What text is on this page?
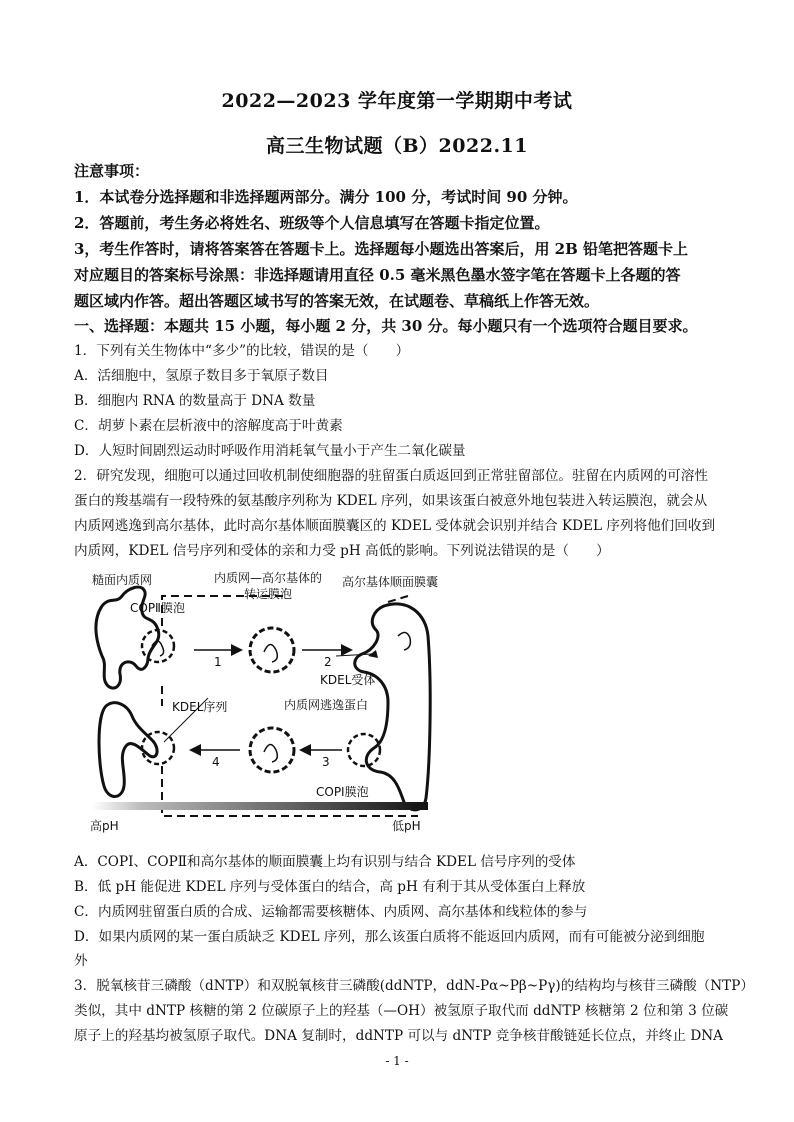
2022—2023 学年度第一学期期中考试
高三生物试题（B）2022.11
注意事项：
1．本试卷分选择题和非选择题两部分。满分 100 分，考试时间 90 分钟。
2．答题前，考生务必将姓名、班级等个人信息填写在答题卡指定位置。
3，考生作答时，请将答案答在答题卡上。选择题每小题选出答案后，用 2B 铅笔把答题卡上
对应题目的答案标号涂黑：非选择题请用直径 0.5 毫米黑色墨水签字笔在答题卡上各题的答
题区域内作答。超出答题区域书写的答案无效，在试题卷、草稿纸上作答无效。
一、选择题：本题共 15 小题，每小题 2 分，共 30 分。每小题只有一个选项符合题目要求。
1．下列有关生物体中“多少”的比较，错误的是（　　）
A．活细胞中，氢原子数目多于氧原子数目
B．细胞内 RNA 的数量高于 DNA 数量
C．胡萝卜素在层析液中的溶解度高于叶黄素
D．人短时间剧烈运动时呼吸作用消耗氧气量小于产生二氧化碳量
2．研究发现，细胞可以通过回收机制使细胞器的驻留蛋白质返回到正常驻留部位。驻留在内质网的可溶性
蛋白的羧基端有一段特殊的氨基酸序列称为 KDEL 序列，如果该蛋白被意外地包装进入转运膜泡，就会从
内质网逃逸到高尔基体，此时高尔基体顺面膜囊区的 KDEL 受体就会识别并结合 KDEL 序列将他们回收到
内质网，KDEL 信号序列和受体的亲和力受 pH 高低的影响。下列说法错误的是（　　）
糙面内质网
COPⅡ膜泡
内质网—高尔基体的
转运膜泡
高尔基体顺面膜囊
KDEL受体
KDEL序列	内质网逃逸蛋白
COPⅠ膜泡
1	2
3
4
高pH	低pH
A．COPI、COPⅡ和高尔基体的顺面膜囊上均有识别与结合 KDEL 信号序列的受体
B．低 pH 能促进 KDEL 序列与受体蛋白的结合，高 pH 有利于其从受体蛋白上释放
C．内质网驻留蛋白质的合成、运输都需要核糖体、内质网、高尔基体和线粒体的参与
D．如果内质网的某一蛋白质缺乏 KDEL 序列，那么该蛋白质将不能返回内质网，而有可能被分泌到细胞
外
3．脱氧核苷三磷酸（dNTP）和双脱氧核苷三磷酸(ddNTP，ddN-Pα~Pβ~Pγ)的结构均与核苷三磷酸（NTP）
类似，其中 dNTP 核糖的第 2 位碳原子上的羟基（—OH）被氢原子取代而 ddNTP 核糖第 2 位和第 3 位碳
原子上的羟基均被氢原子取代。DNA 复制时，ddNTP 可以与 dNTP 竞争核苷酸链延长位点，并终止 DNA
- 1 -
